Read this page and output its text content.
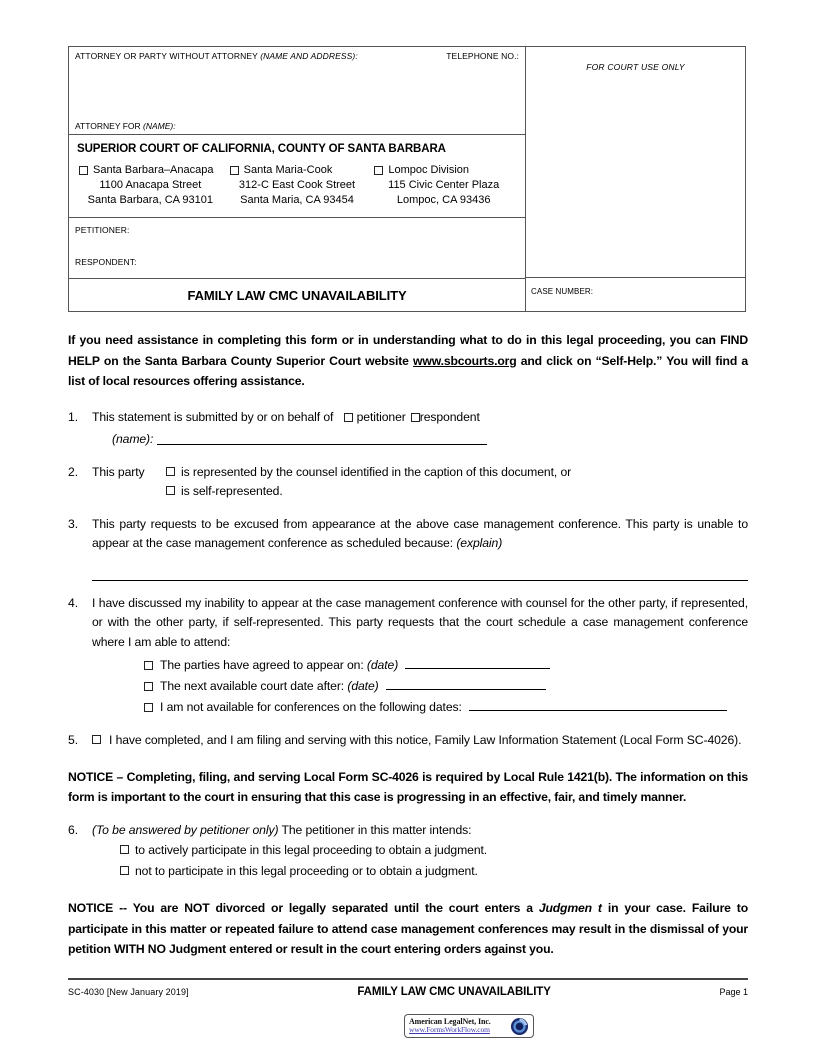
ATTORNEY OR PARTY WITHOUT ATTORNEY (NAME AND ADDRESS):	TELEPHONE NO.:
ATTORNEY FOR (NAME):
SUPERIOR COURT OF CALIFORNIA, COUNTY OF SANTA BARBARA
Santa Barbara–Anacapa
1100 Anacapa Street
Santa Barbara, CA 93101
Santa Maria-Cook
312-C East Cook Street
Santa Maria, CA 93454
Lompoc Division
115 Civic Center Plaza
Lompoc, CA 93436
PETITIONER:
RESPONDENT:
FAMILY LAW CMC UNAVAILABILITY
FOR COURT USE ONLY
CASE NUMBER:
If you need assistance in completing this form or in understanding what to do in this legal proceeding, you can FIND HELP on the Santa Barbara County Superior Court website www.sbcourts.org and click on “Self-Help.” You will find a list of local resources offering assistance.
1.	This statement is submitted by or on behalf of	petitioner	respondent
(name):
2.	This party	is represented by the counsel identified in the caption of this document, or
is self-represented.
3.	This party requests to be excused from appearance at the above case management conference. This party is unable to appear at the case management conference as scheduled because: (explain)
4.	I have discussed my inability to appear at the case management conference with counsel for the other party, if represented, or with the other party, if self-represented. This party requests that the court schedule a case management conference where I am able to attend:
The parties have agreed to appear on: (date)
The next available court date after: (date)
I am not available for conferences on the following dates:
5.	I have completed, and I am filing and serving with this notice, Family Law Information Statement (Local Form SC-4026).
NOTICE – Completing, filing, and serving Local Form SC-4026 is required by Local Rule 1421(b). The information on this form is important to the court in ensuring that this case is progressing in an effective, fair, and timely manner.
6.	(To be answered by petitioner only) The petitioner in this matter intends:
to actively participate in this legal proceeding to obtain a judgment.
not to participate in this legal proceeding or to obtain a judgment.
NOTICE -- You are NOT divorced or legally separated until the court enters a Judgmen t in your case. Failure to participate in this matter or repeated failure to attend case management conferences may result in the dismissal of your petition WITH NO Judgment entered or result in the court entering orders against you.
SC-4030 [New January 2019]	FAMILY LAW CMC UNAVAILABILITY	Page 1
American LegalNet, Inc.
www.FormsWorkFlow.com
